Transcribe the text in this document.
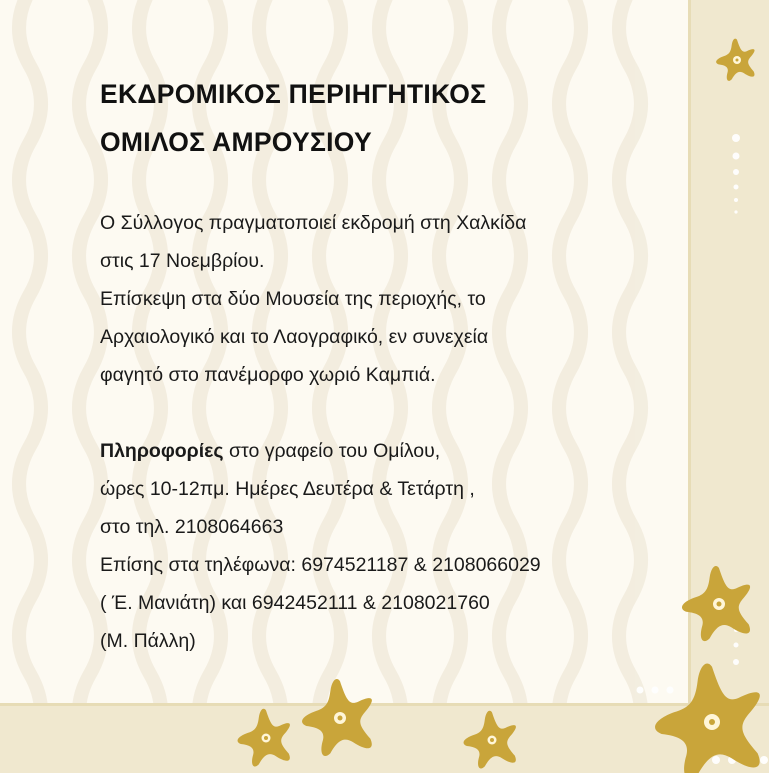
ΕΚΔΡΟΜΙΚΟΣ ΠΕΡΙΗΓΗΤΙΚΟΣ
ΟΜΙΛΟΣ ΑΜΡΟΥΣΙΟΥ
Ο Σύλλογος πραγματοποιεί εκδρομή στη Χαλκίδα
στις 17 Νοεμβρίου.
Επίσκεψη στα δύο Μουσεία της περιοχής, το
Αρχαιολογικό και το Λαογραφικό, εν συνεχεία
φαγητό στο πανέμορφο χωριό Καμπιά.
Πληροφορίες στο γραφείο του Ομίλου,
ώρες 10-12πμ. Ημέρες Δευτέρα & Τετάρτη ,
στο τηλ. 2108064663
Επίσης στα τηλέφωνα: 6974521187 & 2108066029
( Έ. Μανιάτη) και 6942452111 & 2108021760
(Μ. Πάλλη)
